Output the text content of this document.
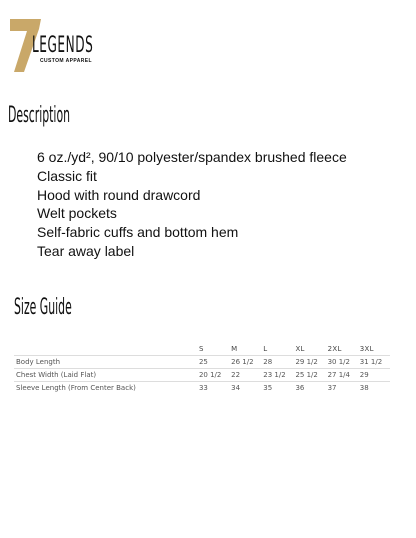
LEGENDS
CUSTOM APPAREL
Description
6 oz./yd², 90/10 polyester/spandex brushed fleece
Classic fit
Hood with round drawcord
Welt pockets
Self-fabric cuffs and bottom hem
Tear away label
Size Guide
	S	M	L	XL	2XL	3XL
Body Length	25	26 1/2	28	29 1/2	30 1/2	31 1/2
Chest Width (Laid Flat)	20 1/2	22	23 1/2	25 1/2	27 1/4	29
Sleeve Length (From Center Back)	33	34	35	36	37	38
